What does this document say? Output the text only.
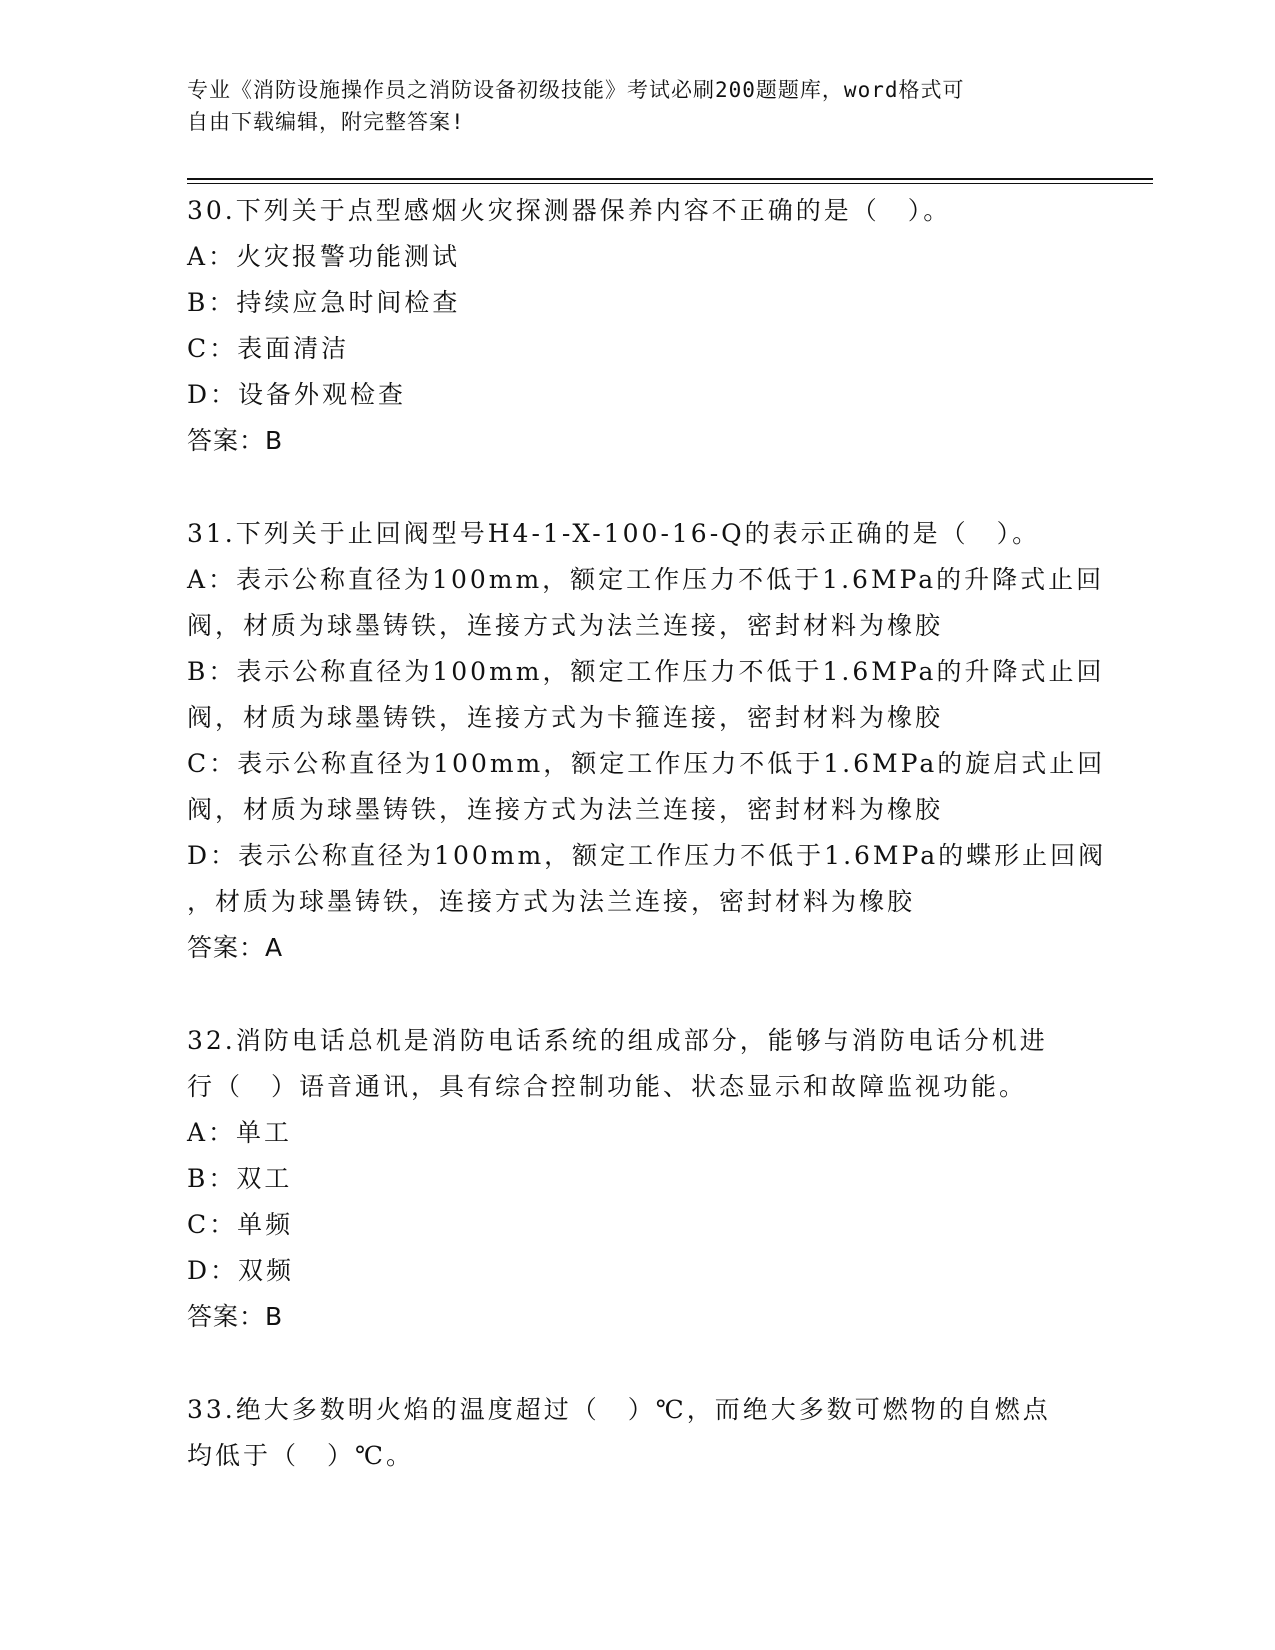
专业《消防设施操作员之消防设备初级技能》考试必刷200题题库，word格式可
自由下载编辑，附完整答案!
30.下列关于点型感烟火灾探测器保养内容不正确的是（　）。
A：火灾报警功能测试
B：持续应急时间检查
C：表面清洁
D：设备外观检查
答案：B
31.下列关于止回阀型号H4-1-X-100-16-Q的表示正确的是（　）。
A：表示公称直径为100mm，额定工作压力不低于1.6MPa的升降式止回
阀，材质为球墨铸铁，连接方式为法兰连接，密封材料为橡胶
B：表示公称直径为100mm，额定工作压力不低于1.6MPa的升降式止回
阀，材质为球墨铸铁，连接方式为卡箍连接，密封材料为橡胶
C：表示公称直径为100mm，额定工作压力不低于1.6MPa的旋启式止回
阀，材质为球墨铸铁，连接方式为法兰连接，密封材料为橡胶
D：表示公称直径为100mm，额定工作压力不低于1.6MPa的蝶形止回阀
，材质为球墨铸铁，连接方式为法兰连接，密封材料为橡胶
答案：A
32.消防电话总机是消防电话系统的组成部分，能够与消防电话分机进
行（　）语音通讯，具有综合控制功能、状态显示和故障监视功能。
A：单工
B：双工
C：单频
D：双频
答案：B
33.绝大多数明火焰的温度超过（　）℃，而绝大多数可燃物的自燃点
均低于（　）℃。
